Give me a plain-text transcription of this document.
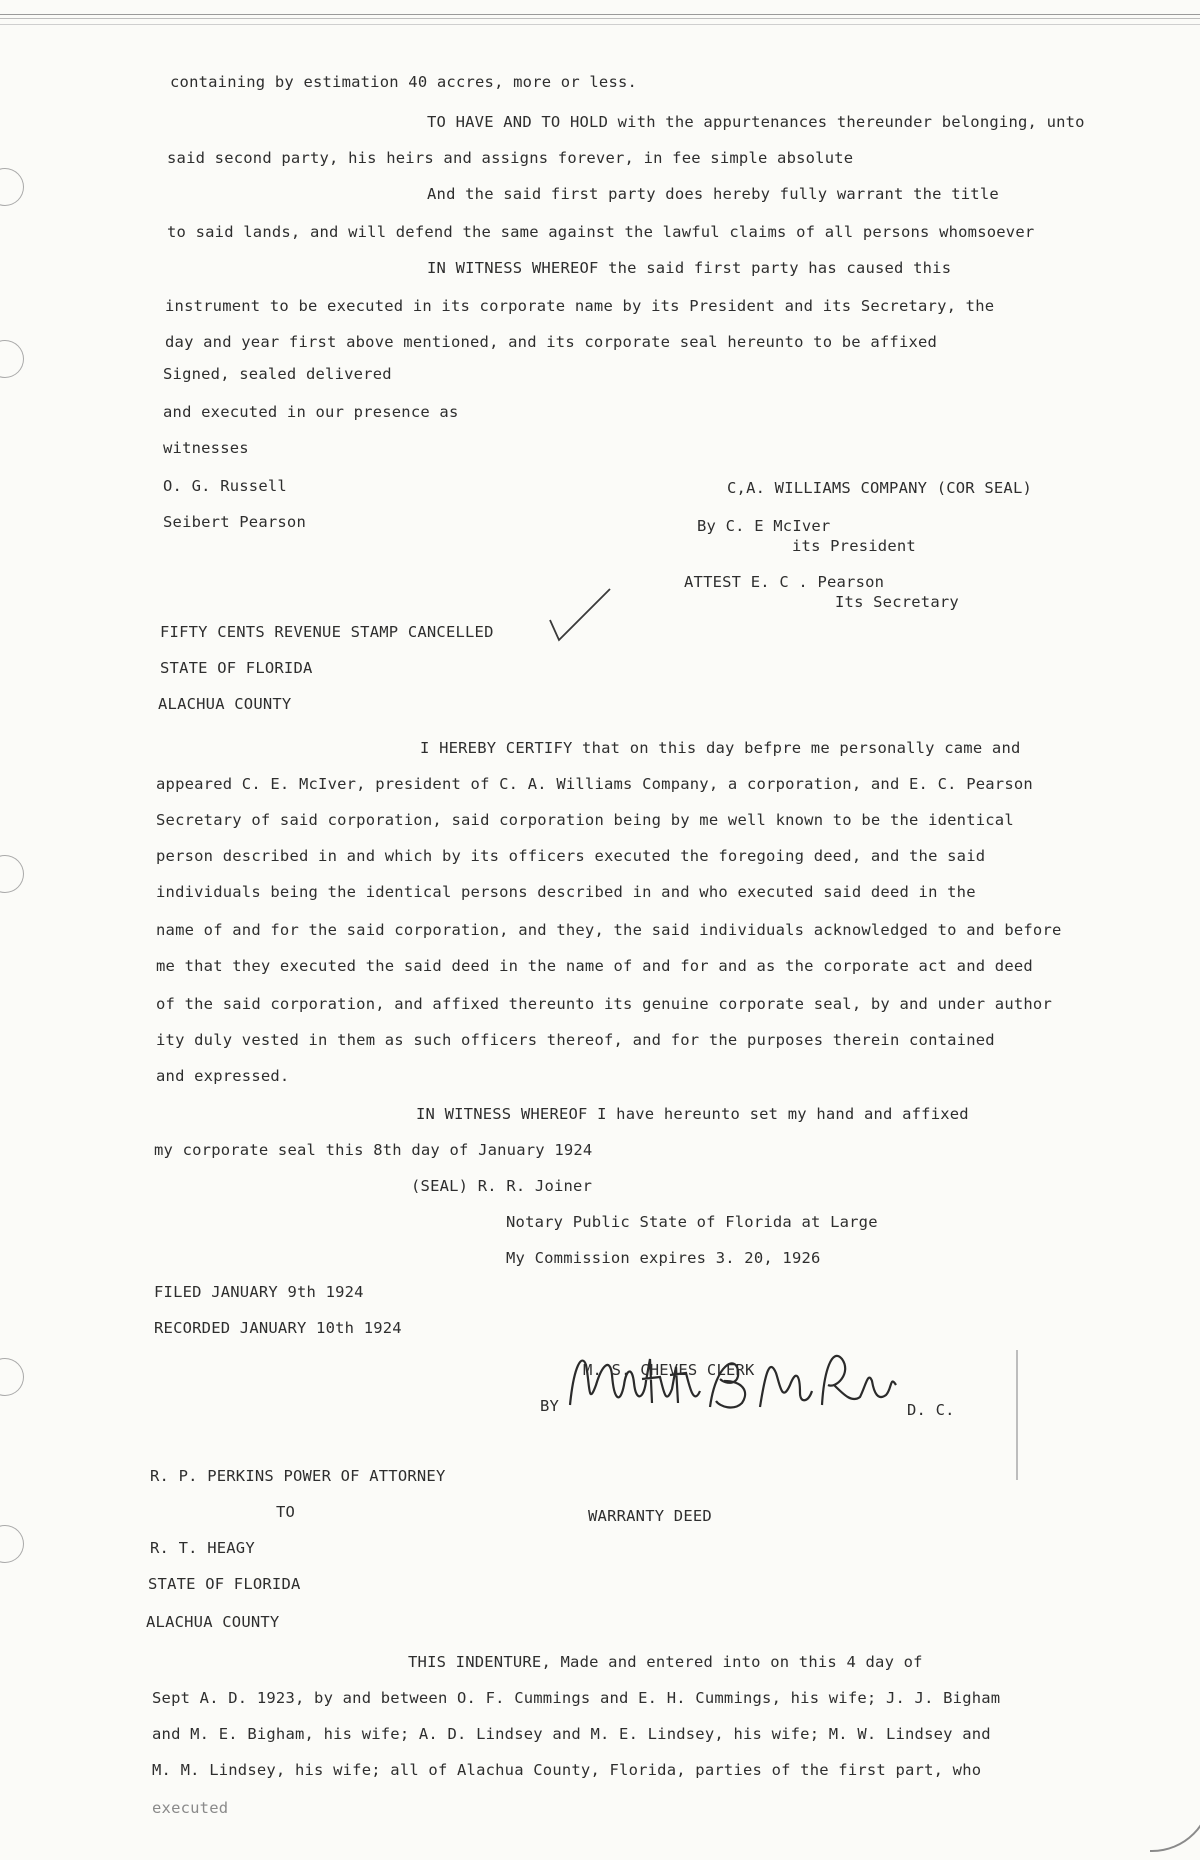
containing by estimation 40 accres, more or less.
TO HAVE AND TO HOLD with the appurtenances thereunder belonging, unto
said second party, his heirs and assigns forever, in fee simple absolute
And the said first party does hereby fully warrant the title
to said lands, and will defend the same against the lawful claims of all persons whomsoever
IN WITNESS WHEREOF the said first party has caused this
instrument to be executed in its corporate name by its President and its Secretary, the
day and year first above mentioned, and its corporate seal hereunto to be affixed
Signed, sealed delivered
and executed in our presence as
witnesses
O. G. Russell
Seibert Pearson
C,A. WILLIAMS COMPANY (COR SEAL)
By C. E McIver
its President
ATTEST E. C . Pearson
Its Secretary
FIFTY CENTS REVENUE STAMP CANCELLED
STATE OF FLORIDA
ALACHUA COUNTY
I HEREBY CERTIFY that on this day befpre me personally came and
appeared C. E. McIver, president of C. A. Williams Company, a corporation, and E. C. Pearson
Secretary of said corporation, said corporation being by me well known to be the identical
person described in and which by its officers executed the foregoing deed, and the said
individuals being the identical persons described in and who executed said deed in the
name of and for the said corporation, and they, the said individuals acknowledged to and before
me that they executed the said deed in the name of and for and as the corporate act and deed
of the said corporation, and affixed thereunto its genuine corporate seal, by and under author
ity duly vested in them as such officers thereof, and for the purposes therein contained
and expressed.
IN WITNESS WHEREOF I have hereunto set my hand and affixed
my corporate seal this 8th day of January 1924
(SEAL) R. R. Joiner
Notary Public State of Florida at Large
My Commission expires 3. 20, 1926
FILED JANUARY 9th 1924
RECORDED JANUARY 10th 1924
M. S. CHEVES CLERK
BY	D. C.
R. P. PERKINS POWER OF ATTORNEY
TO	WARRANTY DEED
R. T. HEAGY
STATE OF FLORIDA
ALACHUA COUNTY
THIS INDENTURE, Made and entered into on this 4 day of
Sept A. D. 1923, by and between O. F. Cummings and E. H. Cummings, his wife; J. J. Bigham
and M. E. Bigham, his wife; A. D. Lindsey and M. E. Lindsey, his wife; M. W. Lindsey and
M. M. Lindsey, his wife; all of Alachua County, Florida, parties of the first part, who
executed
